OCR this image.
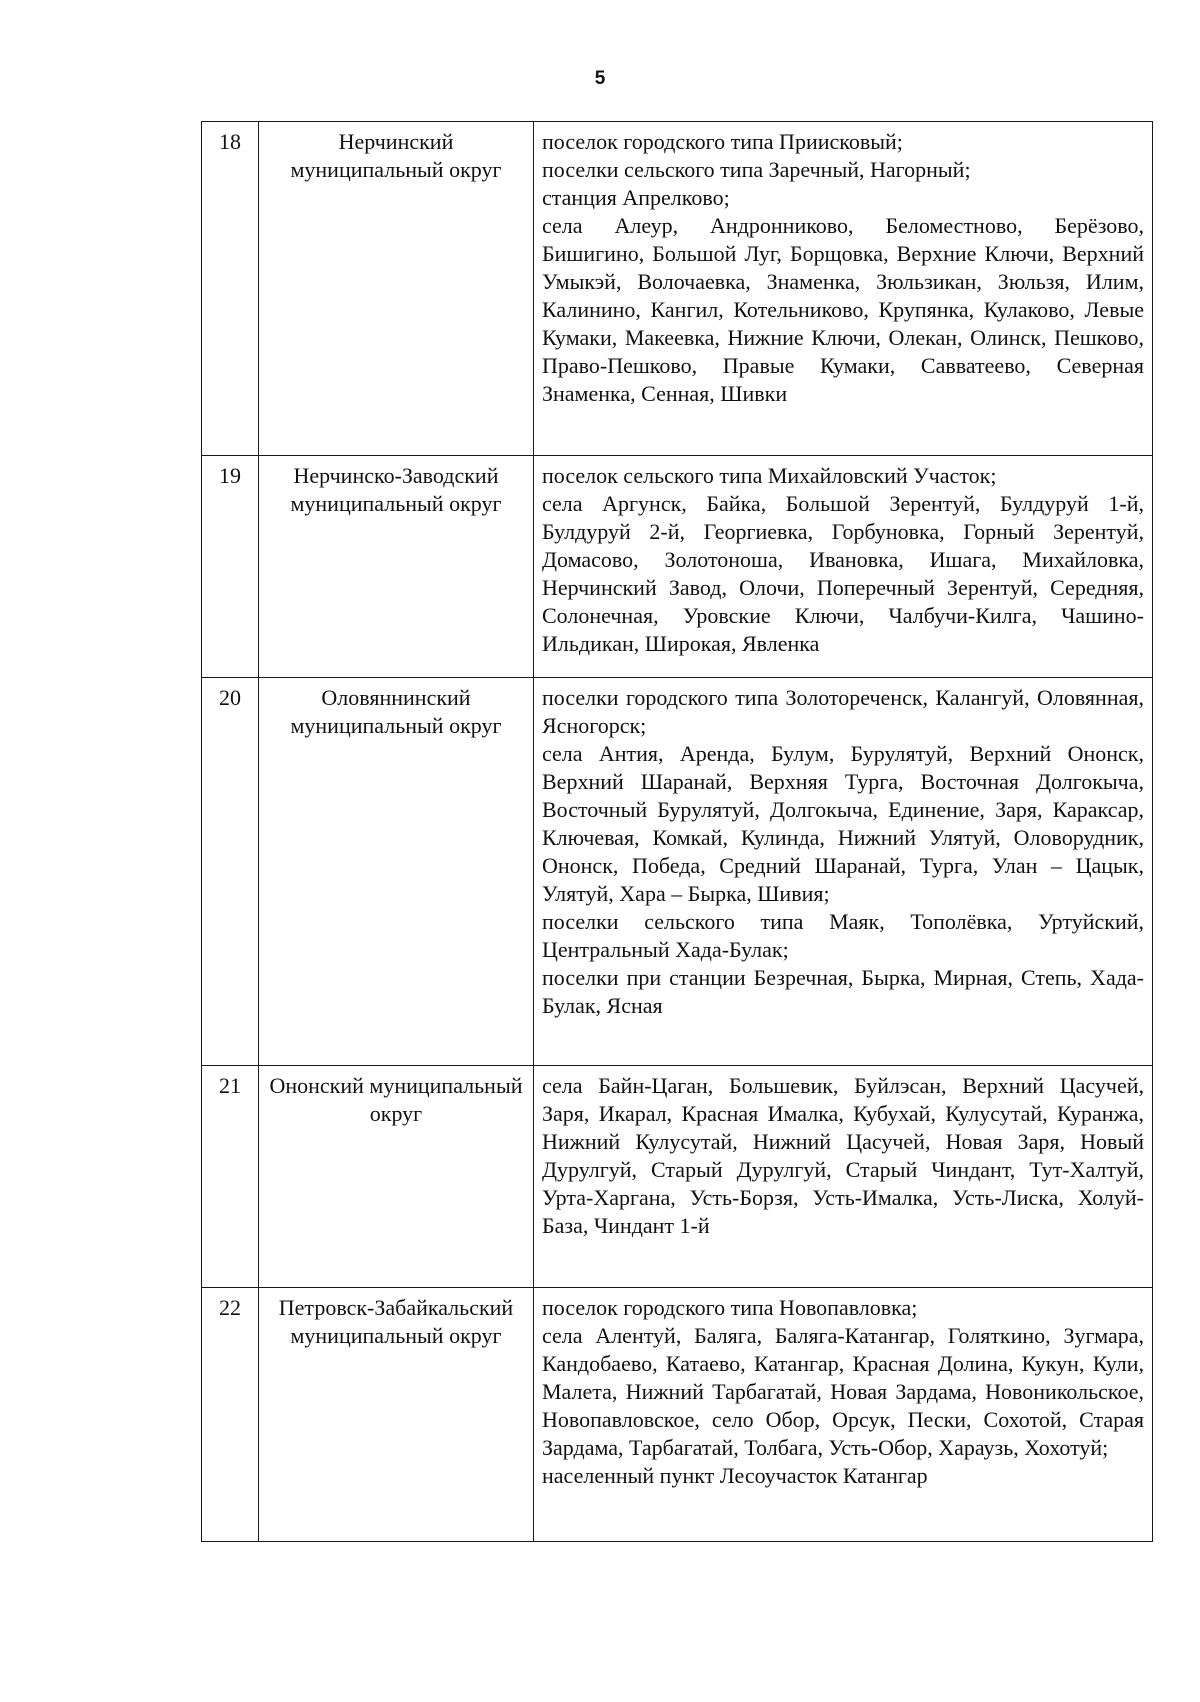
5
18	Нерчинский муниципальный округ	поселок городского типа Приисковый;
поселки сельского типа Заречный, Нагорный;
станция Апрелково;
села Алеур, Андронниково, Беломестново, Берёзово, Бишигино, Большой Луг, Борщовка, Верхние Ключи, Верхний Умыкэй, Волочаевка, Знаменка, Зюльзикан, Зюльзя, Илим, Калинино, Кангил, Котельниково, Крупянка, Кулаково, Левые Кумаки, Макеевка, Нижние Ключи, Олекан, Олинск, Пешково, Право-Пешково, Правые Кумаки, Савватеево, Северная Знаменка, Сенная, Шивки

19	Нерчинско-Заводский муниципальный округ	поселок сельского типа Михайловский Участок;
села Аргунск, Байка, Большой Зерентуй, Булдуруй 1-й, Булдуруй 2-й, Георгиевка, Горбуновка, Горный Зерентуй, Домасово, Золотоноша, Ивановка, Ишага, Михайловка, Нерчинский Завод, Олочи, Поперечный Зерентуй, Середняя, Солонечная, Уровские Ключи, Чалбучи-Килга, Чашино-Ильдикан, Широкая, Явленка

20	Оловяннинский муниципальный округ	поселки городского типа Золотореченск, Калангуй, Оловянная, Ясногорск;
села Антия, Аренда, Булум, Бурулятуй, Верхний Ононск, Верхний Шаранай, Верхняя Турга, Восточная Долгокыча, Восточный Бурулятуй, Долгокыча, Единение, Заря, Караксар, Ключевая, Комкай, Кулинда, Нижний Улятуй, Оловорудник, Ононск, Победа, Средний Шаранай, Турга, Улан – Цацык, Улятуй, Хара – Бырка, Шивия;
поселки сельского типа Маяк, Тополёвка, Уртуйский, Центральный Хада-Булак;
поселки при станции Безречная, Бырка, Мирная, Степь, Хада-Булак, Ясная

21	Ононский муниципальный округ	села Байн-Цаган, Большевик, Буйлэсан, Верхний Цасучей, Заря, Икарал, Красная Ималка, Кубухай, Кулусутай, Куранжа, Нижний Кулусутай, Нижний Цасучей, Новая Заря, Новый Дурулгуй, Старый Дурулгуй, Старый Чиндант, Тут-Халтуй, Урта-Харгана, Усть-Борзя, Усть-Ималка, Усть-Лиска, Холуй-База, Чиндант 1-й

22	Петровск-Забайкальский муниципальный округ	поселок городского типа Новопавловка;
села Алентуй, Баляга, Баляга-Катангар, Голяткино, Зугмара, Кандобаево, Катаево, Катангар, Красная Долина, Кукун, Кули, Малета, Нижний Тарбагатай, Новая Зардама, Новоникольское, Новопавловское, село Обор, Орсук, Пески, Сохотой, Старая Зардама, Тарбагатай, Толбага, Усть-Обор, Хараузь, Хохотуй;
населенный пункт Лесоучасток Катангар
